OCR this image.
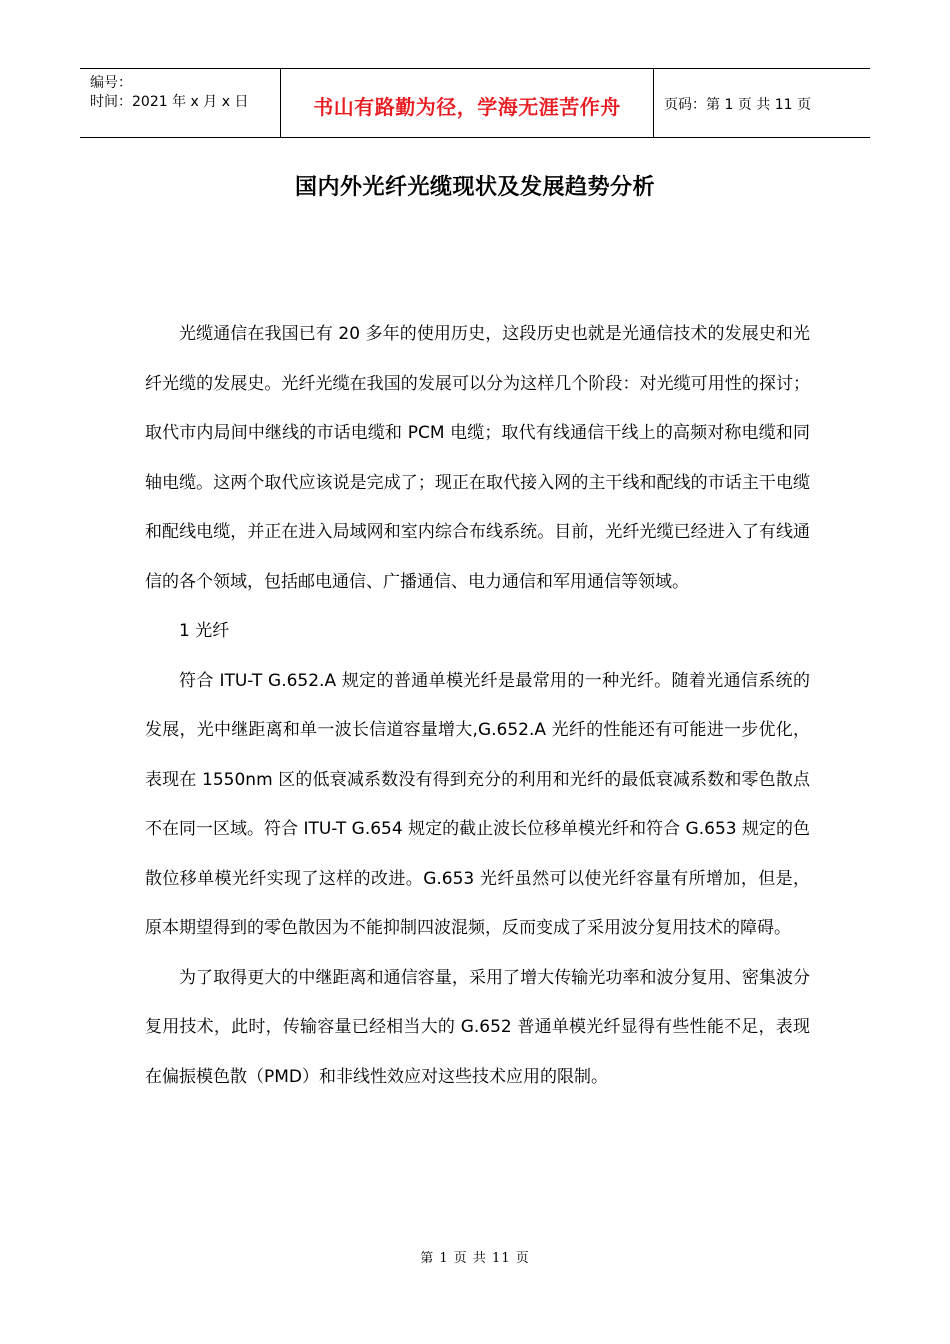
编号：
时间：2021 年 x 月 x 日	书山有路勤为径，学海无涯苦作舟	页码：第 1 页 共 11 页
国内外光纤光缆现状及发展趋势分析

光缆通信在我国已有 20 多年的使用历史，这段历史也就是光通信技术的发展史和光纤光缆的发展史。光纤光缆在我国的发展可以分为这样几个阶段：对光缆可用性的探讨；取代市内局间中继线的市话电缆和 PCM 电缆；取代有线通信干线上的高频对称电缆和同轴电缆。这两个取代应该说是完成了；现正在取代接入网的主干线和配线的市话主干电缆和配线电缆，并正在进入局域网和室内综合布线系统。目前，光纤光缆已经进入了有线通信的各个领域，包括邮电通信、广播通信、电力通信和军用通信等领域。

1 光纤

符合 ITU-T G.652.A 规定的普通单模光纤是最常用的一种光纤。随着光通信系统的发展，光中继距离和单一波长信道容量增大,G.652.A 光纤的性能还有可能进一步优化，表现在 1550nm 区的低衰减系数没有得到充分的利用和光纤的最低衰减系数和零色散点不在同一区域。符合 ITU-T G.654 规定的截止波长位移单模光纤和符合 G.653 规定的色散位移单模光纤实现了这样的改进。G.653 光纤虽然可以使光纤容量有所增加，但是，原本期望得到的零色散因为不能抑制四波混频，反而变成了采用波分复用技术的障碍。

为了取得更大的中继距离和通信容量，采用了增大传输光功率和波分复用、密集波分复用技术，此时，传输容量已经相当大的 G.652 普通单模光纤显得有些性能不足，表现在偏振模色散（PMD）和非线性效应对这些技术应用的限制。

第 1 页 共 11 页
